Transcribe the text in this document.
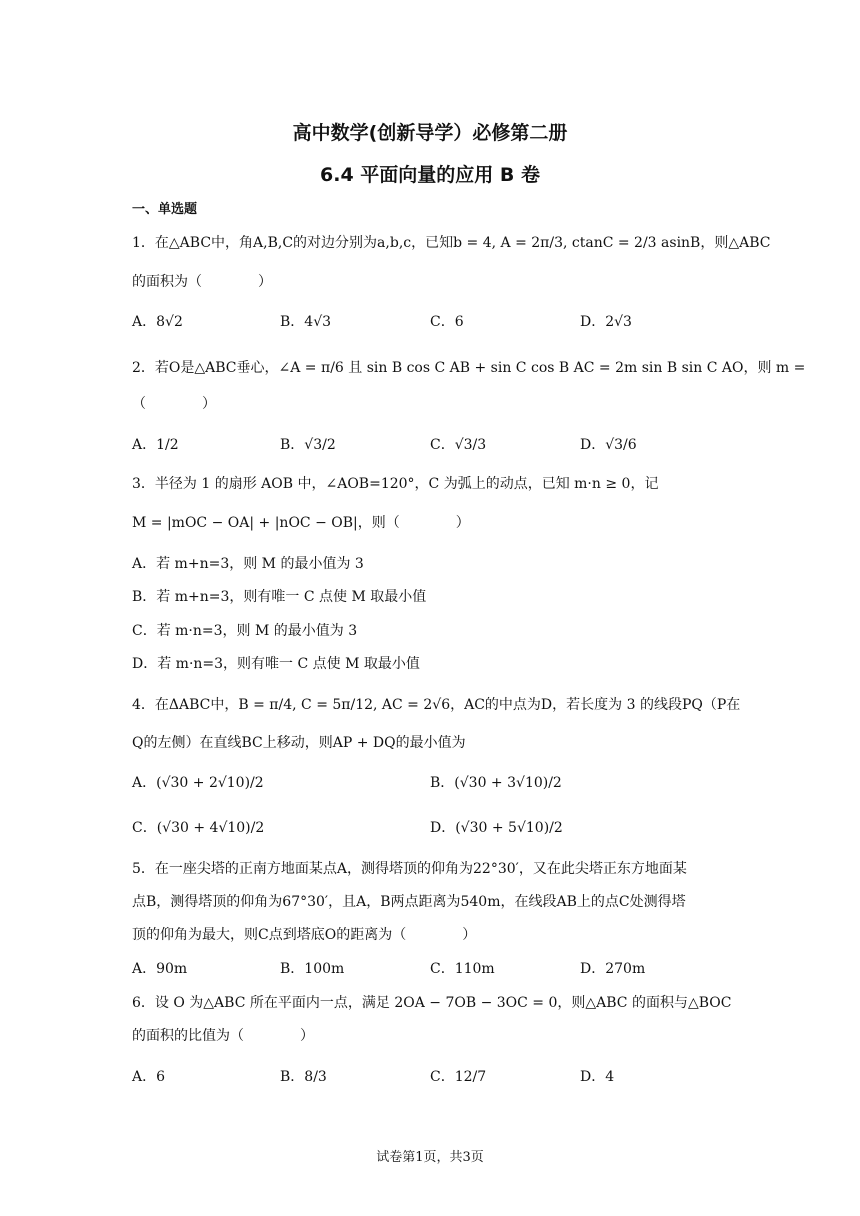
高中数学(创新导学）必修第二册
6.4 平面向量的应用 B 卷
一、单选题
1．在△ABC中，角A,B,C的对边分别为a,b,c，已知b = 4, A = 2π/3, ctanC = 2/3 asinB，则△ABC
的面积为（　　　　）
A．8√2	B．4√3	C．6	D．2√3
2．若O是△ABC垂心，∠A = π/6 且 sin B cos C AB + sin C cos B AC = 2m sin B sin C AO，则 m =
（　　　　）
A．1/2	B．√3/2	C．√3/3	D．√3/6
3．半径为 1 的扇形 AOB 中，∠AOB=120°，C 为弧上的动点，已知 m·n ≥ 0，记
M = |mOC − OA| + |nOC − OB|，则（　　　　）
A．若 m+n=3，则 M 的最小值为 3
B．若 m+n=3，则有唯一 C 点使 M 取最小值
C．若 m·n=3，则 M 的最小值为 3
D．若 m·n=3，则有唯一 C 点使 M 取最小值
4．在ΔABC中，B = π/4, C = 5π/12, AC = 2√6，AC的中点为D，若长度为 3 的线段PQ（P在
Q的左侧）在直线BC上移动，则AP + DQ的最小值为
A．(√30 + 2√10)/2	B．(√30 + 3√10)/2
C．(√30 + 4√10)/2	D．(√30 + 5√10)/2
5．在一座尖塔的正南方地面某点A，测得塔顶的仰角为22°30′，又在此尖塔正东方地面某
点B，测得塔顶的仰角为67°30′，且A，B两点距离为540m，在线段AB上的点C处测得塔
顶的仰角为最大，则C点到塔底O的距离为（　　　　）
A．90m	B．100m	C．110m	D．270m
6．设 O 为△ABC 所在平面内一点，满足 2OA − 7OB − 3OC = 0，则△ABC 的面积与△BOC
的面积的比值为（　　　　）
A．6	B．8/3	C．12/7	D．4
试卷第1页，共3页
